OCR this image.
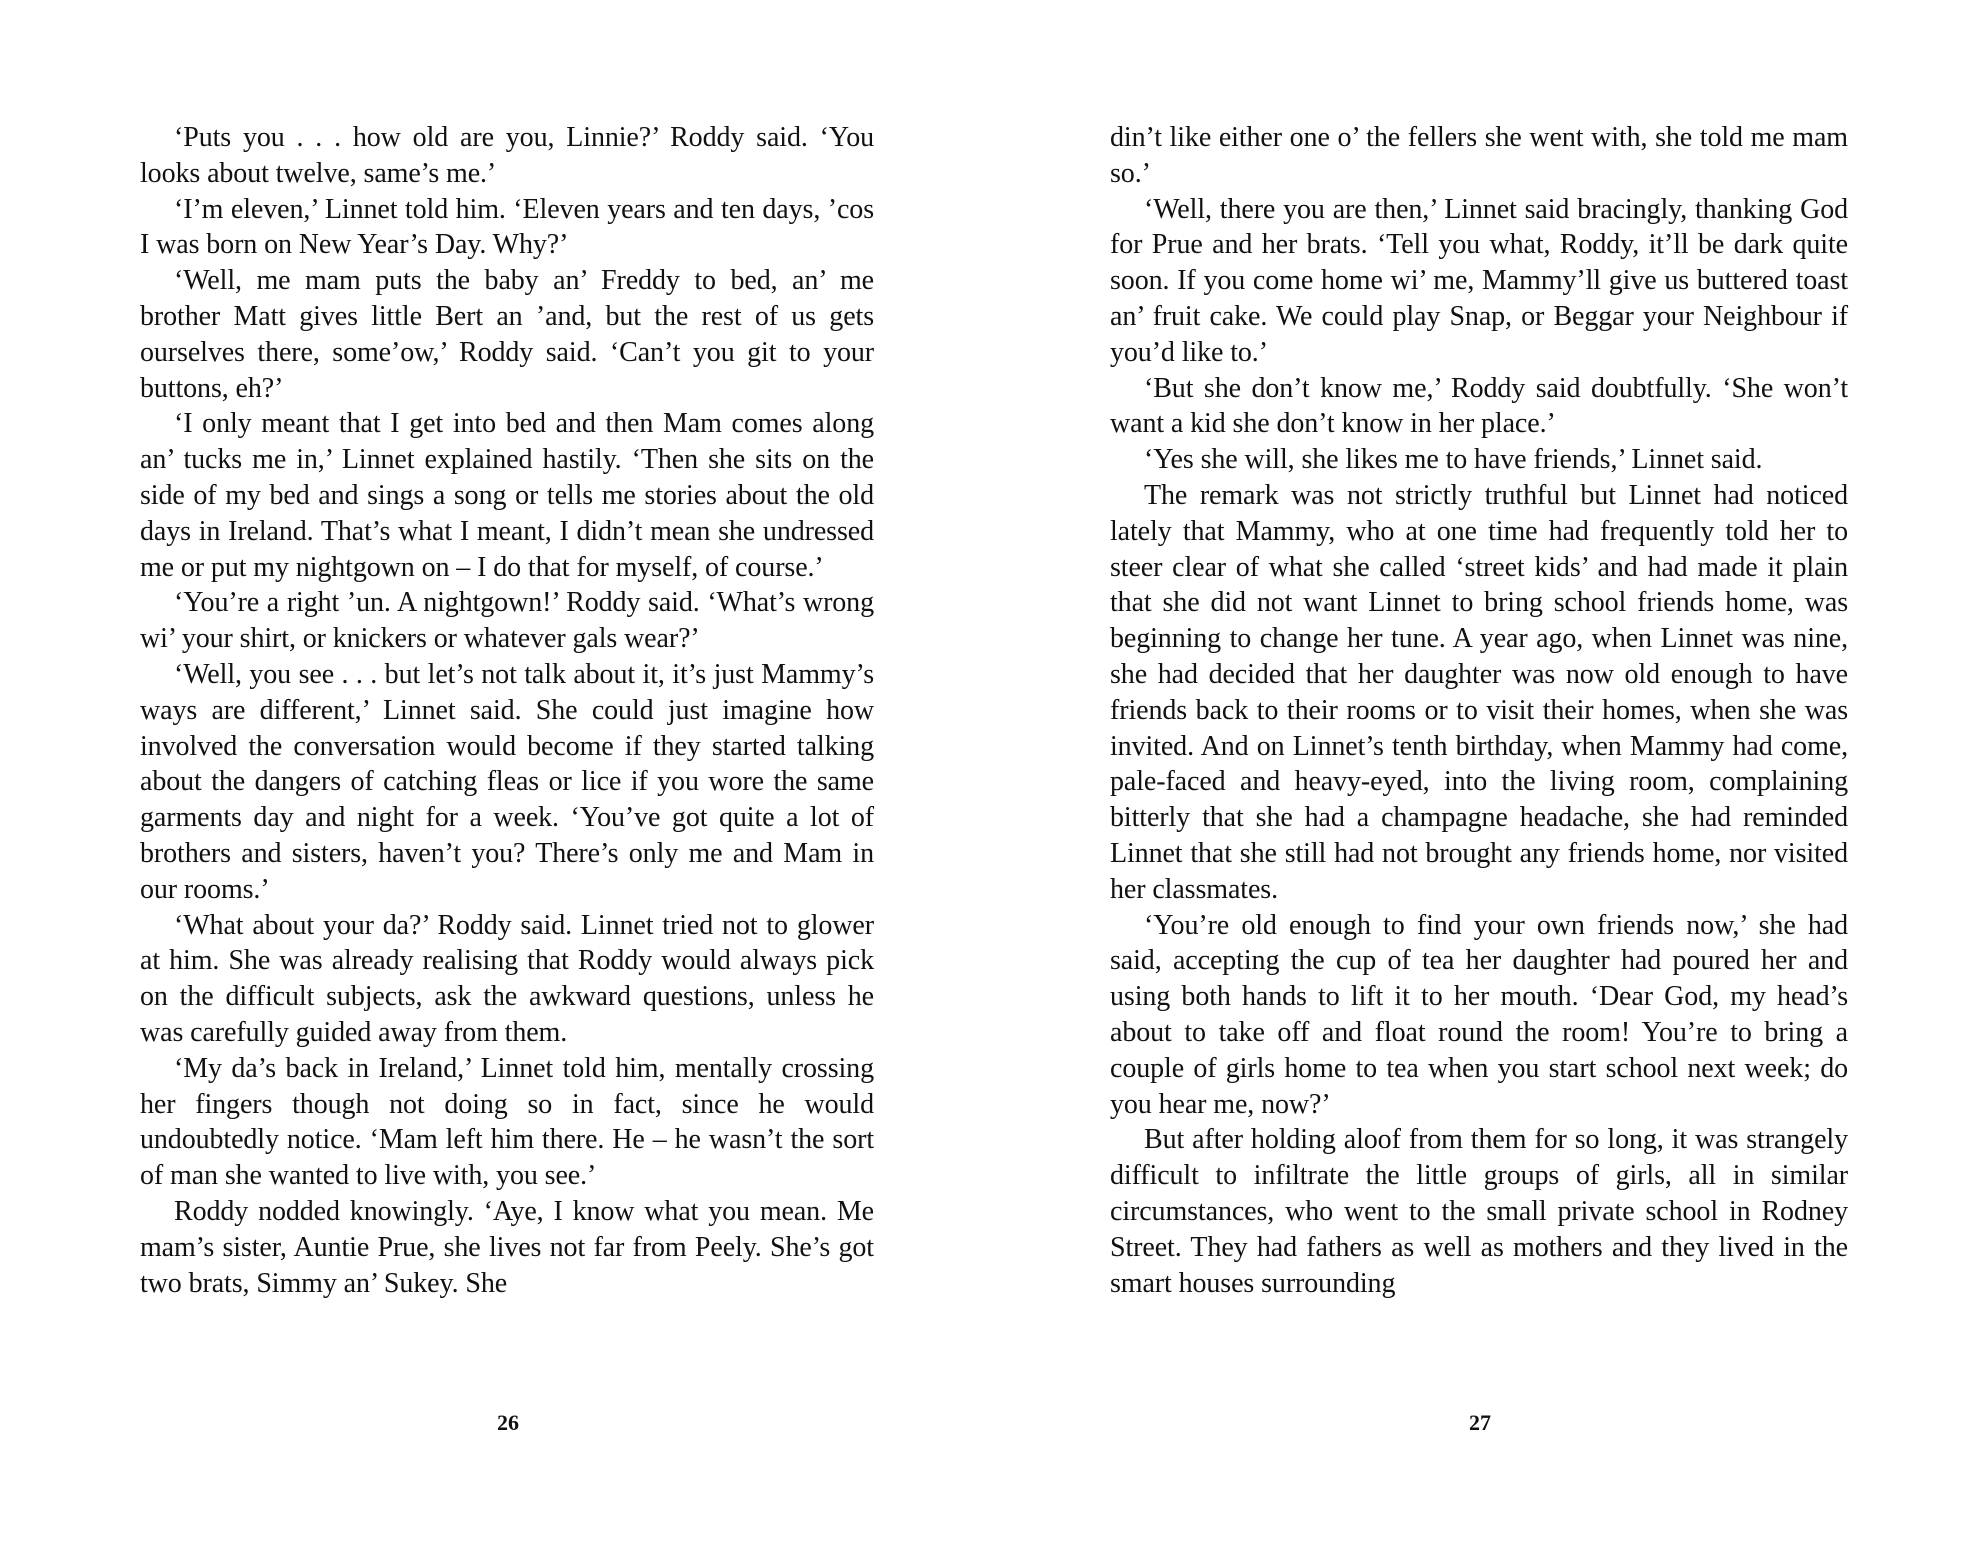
‘Puts you . . . how old are you, Linnie?’ Roddy said. ‘You looks about twelve, same’s me.’

‘I’m eleven,’ Linnet told him. ‘Eleven years and ten days, ’cos I was born on New Year’s Day. Why?’

‘Well, me mam puts the baby an’ Freddy to bed, an’ me brother Matt gives little Bert an ’and, but the rest of us gets ourselves there, some’ow,’ Roddy said. ‘Can’t you git to your buttons, eh?’

‘I only meant that I get into bed and then Mam comes along an’ tucks me in,’ Linnet explained hastily. ‘Then she sits on the side of my bed and sings a song or tells me stories about the old days in Ireland. That’s what I meant, I didn’t mean she undressed me or put my nightgown on – I do that for myself, of course.’

‘You’re a right ’un. A nightgown!’ Roddy said. ‘What’s wrong wi’ your shirt, or knickers or whatever gals wear?’

‘Well, you see . . . but let’s not talk about it, it’s just Mammy’s ways are different,’ Linnet said. She could just imagine how involved the conversation would become if they started talking about the dangers of catching fleas or lice if you wore the same garments day and night for a week. ‘You’ve got quite a lot of brothers and sisters, haven’t you? There’s only me and Mam in our rooms.’

‘What about your da?’ Roddy said. Linnet tried not to glower at him. She was already realising that Roddy would always pick on the difficult subjects, ask the awkward questions, unless he was carefully guided away from them.

‘My da’s back in Ireland,’ Linnet told him, mentally crossing her fingers though not doing so in fact, since he would undoubtedly notice. ‘Mam left him there. He – he wasn’t the sort of man she wanted to live with, you see.’

Roddy nodded knowingly. ‘Aye, I know what you mean. Me mam’s sister, Auntie Prue, she lives not far from Peely. She’s got two brats, Simmy an’ Sukey. She

26

din’t like either one o’ the fellers she went with, she told me mam so.’

‘Well, there you are then,’ Linnet said bracingly, thanking God for Prue and her brats. ‘Tell you what, Roddy, it’ll be dark quite soon. If you come home wi’ me, Mammy’ll give us buttered toast an’ fruit cake. We could play Snap, or Beggar your Neighbour if you’d like to.’

‘But she don’t know me,’ Roddy said doubtfully. ‘She won’t want a kid she don’t know in her place.’

‘Yes she will, she likes me to have friends,’ Linnet said.

The remark was not strictly truthful but Linnet had noticed lately that Mammy, who at one time had frequently told her to steer clear of what she called ‘street kids’ and had made it plain that she did not want Linnet to bring school friends home, was beginning to change her tune. A year ago, when Linnet was nine, she had decided that her daughter was now old enough to have friends back to their rooms or to visit their homes, when she was invited. And on Linnet’s tenth birthday, when Mammy had come, pale-faced and heavy-eyed, into the living room, complaining bitterly that she had a champagne headache, she had reminded Linnet that she still had not brought any friends home, nor visited her classmates.

‘You’re old enough to find your own friends now,’ she had said, accepting the cup of tea her daughter had poured her and using both hands to lift it to her mouth. ‘Dear God, my head’s about to take off and float round the room! You’re to bring a couple of girls home to tea when you start school next week; do you hear me, now?’

But after holding aloof from them for so long, it was strangely difficult to infiltrate the little groups of girls, all in similar circumstances, who went to the small private school in Rodney Street. They had fathers as well as mothers and they lived in the smart houses surrounding

27
